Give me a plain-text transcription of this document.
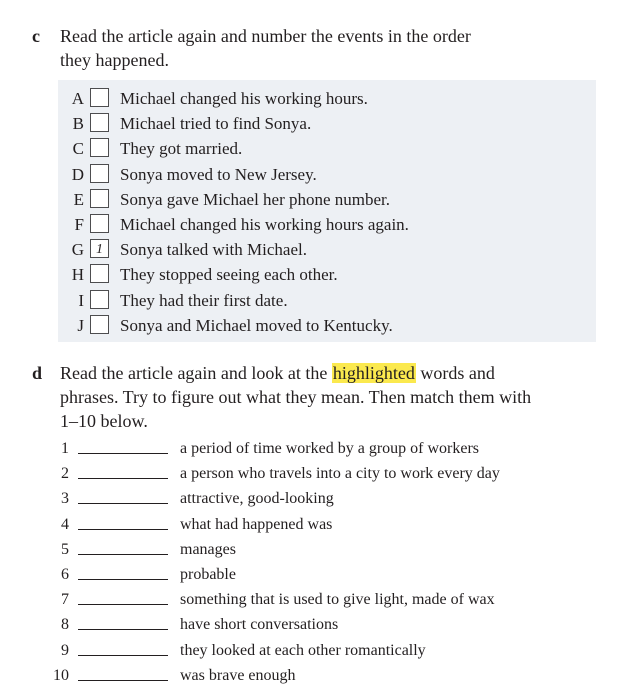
c Read the article again and number the events in the order
they happened.
A Michael changed his working hours.
B Michael tried to find Sonya.
C They got married.
D Sonya moved to New Jersey.
E Sonya gave Michael her phone number.
F Michael changed his working hours again.
G 1	Sonya talked with Michael.
H They stopped seeing each other.
I They had their first date.
J Sonya and Michael moved to Kentucky.
d Read the article again and look at the highlighted words and
phrases. Try to figure out what they mean. Then match them with
1–10 below.
1	a period of time worked by a group of workers
2	a person who travels into a city to work every day
3	attractive, good-looking
4	what had happened was
5	manages
6	probable
7	something that is used to give light, made of wax
8	have short conversations
9	they looked at each other romantically
10	was brave enough
